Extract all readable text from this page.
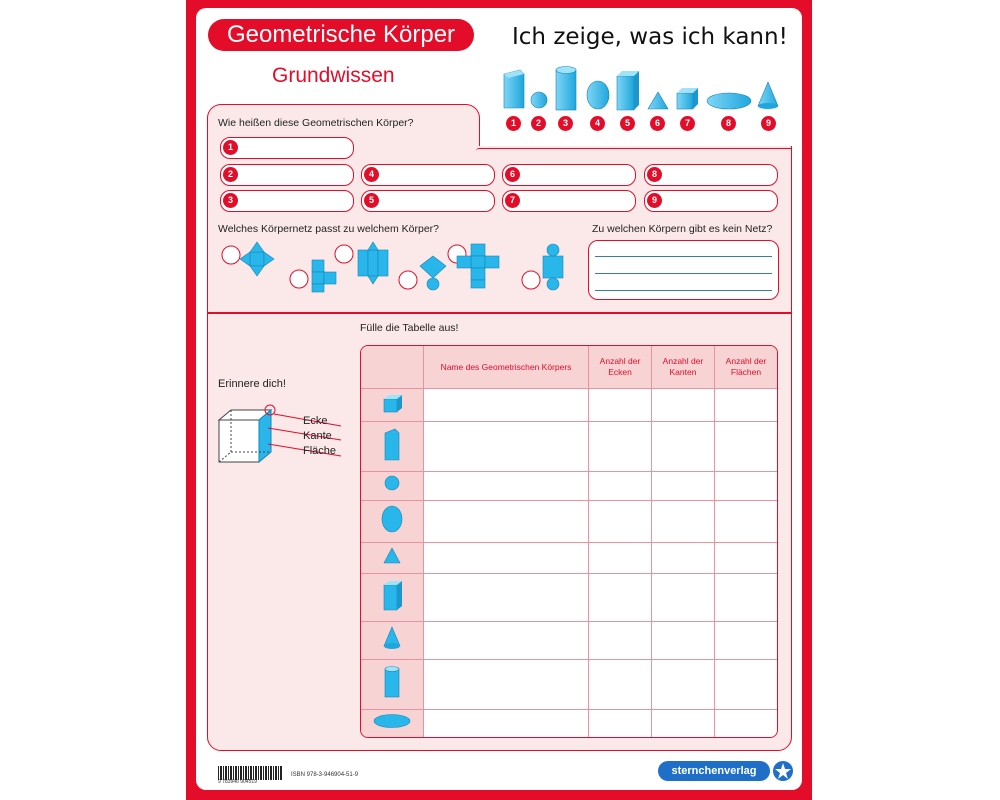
Geometrische Körper
Grundwissen
Ich zeige, was ich kann!
1	2	3	4	5	6	7	8	9
Wie heißen diese Geometrischen Körper?
1
2
3
4
5
6
7
8
9
Welches Körpernetz passt zu welchem Körper?	Zu welchen Körpern gibt es kein Netz?
Fülle die Tabelle aus!
Erinnere dich!
Ecke
Kante
Fläche
	Name des Geometrischen Körpers	Anzahl der Ecken	Anzahl der Kanten	Anzahl der Flächen

9 783946 904519
ISBN 978-3-946904-51-9	sternchenverlag
